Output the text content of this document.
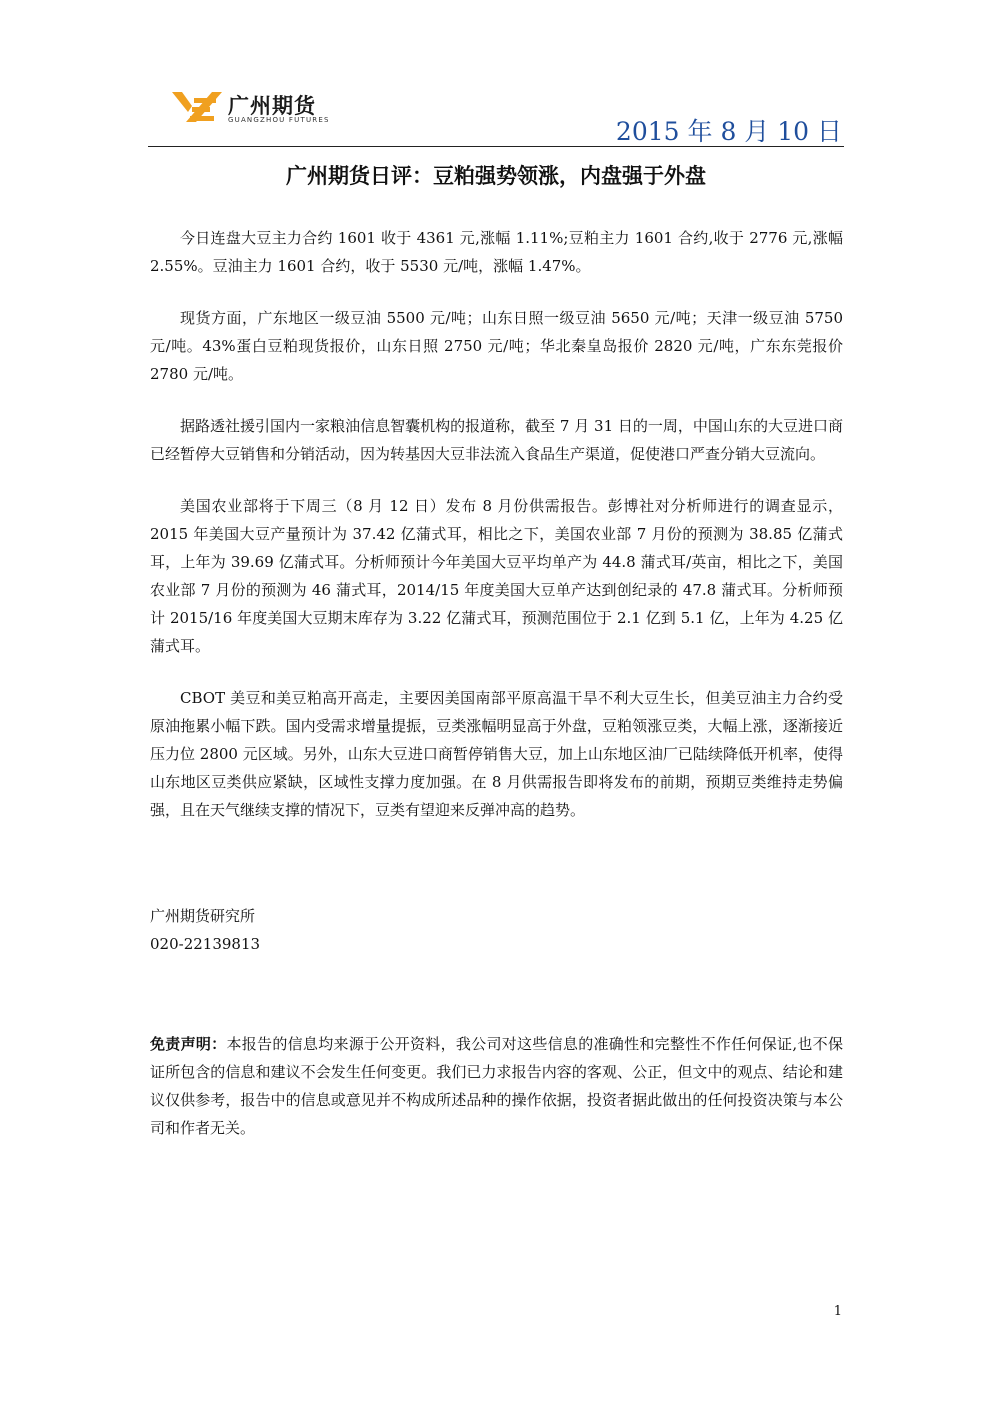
广州期货
GUANGZHOU FUTURES	2015 年 8 月 10 日
广州期货日评：豆粕强势领涨，内盘强于外盘

今日连盘大豆主力合约 1601 收于 4361 元,涨幅 1.11%;豆粕主力 1601 合约,收于 2776 元,涨幅 2.55%。豆油主力 1601 合约，收于 5530 元/吨，涨幅 1.47%。

现货方面，广东地区一级豆油 5500 元/吨；山东日照一级豆油 5650 元/吨；天津一级豆油 5750 元/吨。43%蛋白豆粕现货报价，山东日照 2750 元/吨；华北秦皇岛报价 2820 元/吨，广东东莞报价 2780 元/吨。

据路透社援引国内一家粮油信息智囊机构的报道称，截至 7 月 31 日的一周，中国山东的大豆进口商已经暂停大豆销售和分销活动，因为转基因大豆非法流入食品生产渠道，促使港口严查分销大豆流向。

美国农业部将于下周三（8 月 12 日）发布 8 月份供需报告。彭博社对分析师进行的调查显示，2015 年美国大豆产量预计为 37.42 亿蒲式耳，相比之下，美国农业部 7 月份的预测为 38.85 亿蒲式耳，上年为 39.69 亿蒲式耳。分析师预计今年美国大豆平均单产为 44.8 蒲式耳/英亩，相比之下，美国农业部 7 月份的预测为 46 蒲式耳，2014/15 年度美国大豆单产达到创纪录的 47.8 蒲式耳。分析师预计 2015/16 年度美国大豆期末库存为 3.22 亿蒲式耳，预测范围位于 2.1 亿到 5.1 亿，上年为 4.25 亿蒲式耳。

CBOT 美豆和美豆粕高开高走，主要因美国南部平原高温干旱不利大豆生长，但美豆油主力合约受原油拖累小幅下跌。国内受需求增量提振，豆类涨幅明显高于外盘，豆粕领涨豆类，大幅上涨，逐渐接近压力位 2800 元区域。另外，山东大豆进口商暂停销售大豆，加上山东地区油厂已陆续降低开机率，使得山东地区豆类供应紧缺，区域性支撑力度加强。在 8 月供需报告即将发布的前期，预期豆类维持走势偏强，且在天气继续支撑的情况下，豆类有望迎来反弹冲高的趋势。

广州期货研究所
020-22139813
免责声明：本报告的信息均来源于公开资料，我公司对这些信息的准确性和完整性不作任何保证,也不保证所包含的信息和建议不会发生任何变更。我们已力求报告内容的客观、公正，但文中的观点、结论和建议仅供参考，报告中的信息或意见并不构成所述品种的操作依据，投资者据此做出的任何投资决策与本公司和作者无关。
1
